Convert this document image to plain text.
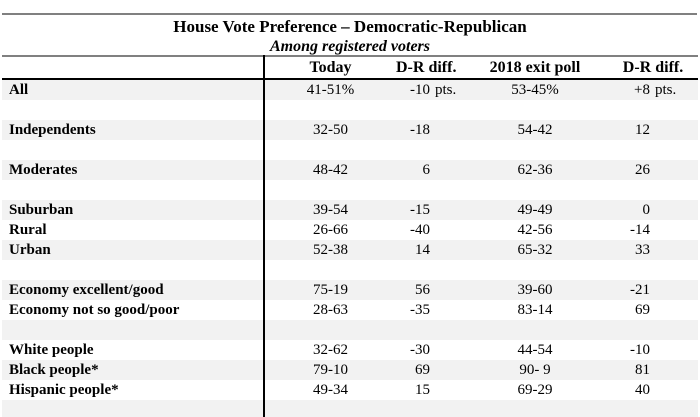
House Vote Preference – Democratic-Republican
Among registered voters
	Today	D-R diff.	2018 exit poll	D-R diff.
All	41-51%	-10 pts.	53-45%	+8 pts.

Independents	32-50	-18	54-42	12

Moderates	48-42	6	62-36	26

Suburban	39-54	-15	49-49	0
Rural	26-66	-40	42-56	-14
Urban	52-38	14	65-32	33

Economy excellent/good	75-19	56	39-60	-21
Economy not so good/poor	28-63	-35	83-14	69

White people	32-62	-30	44-54	-10
Black people*	79-10	69	90- 9	81
Hispanic people*	49-34	15	69-29	40
